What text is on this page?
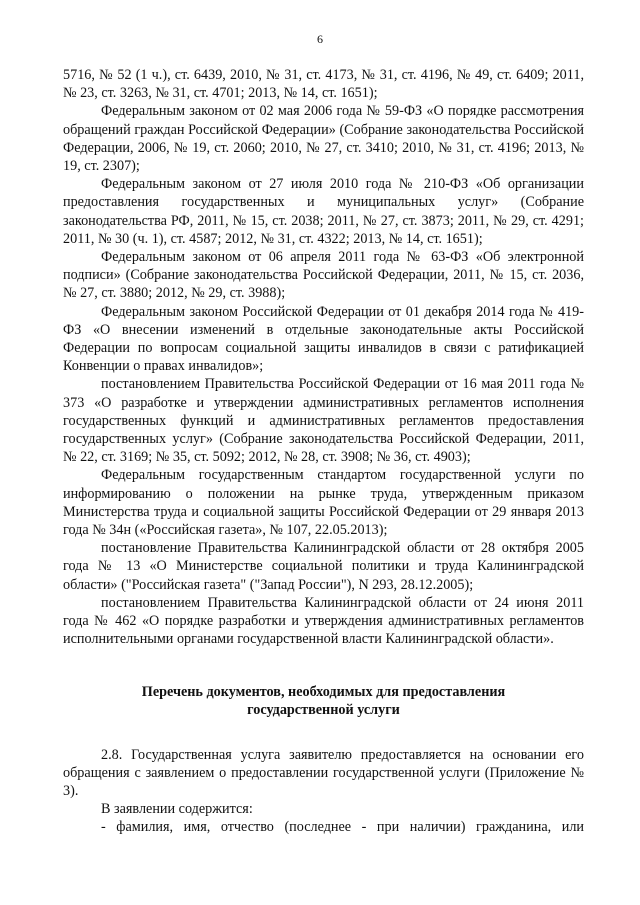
6

5716, № 52 (1 ч.), ст. 6439, 2010, № 31, ст. 4173, № 31, ст. 4196, № 49, ст. 6409; 2011, № 23, ст. 3263, № 31, ст. 4701; 2013, № 14, ст. 1651);

Федеральным законом от 02 мая 2006 года № 59-ФЗ «О порядке рассмотрения обращений граждан Российской Федерации» (Собрание законодательства Российской Федерации, 2006, № 19, ст. 2060; 2010, № 27, ст. 3410; 2010, № 31, ст. 4196; 2013, № 19, ст. 2307);

Федеральным законом от 27 июля 2010 года № 210-ФЗ «Об организации предоставления государственных и муниципальных услуг» (Собрание законодательства РФ, 2011, № 15, ст. 2038; 2011, № 27, ст. 3873; 2011, № 29, ст. 4291; 2011, № 30 (ч. 1), ст. 4587; 2012, № 31, ст. 4322; 2013, № 14, ст. 1651);

Федеральным законом от 06 апреля 2011 года № 63-ФЗ «Об электронной подписи» (Собрание законодательства Российской Федерации, 2011, № 15, ст. 2036, № 27, ст. 3880; 2012, № 29, ст. 3988);

Федеральным законом Российской Федерации от 01 декабря 2014 года № 419-ФЗ «О внесении изменений в отдельные законодательные акты Российской Федерации по вопросам социальной защиты инвалидов в связи с ратификацией Конвенции о правах инвалидов»;

постановлением Правительства Российской Федерации от 16 мая 2011 года № 373 «О разработке и утверждении административных регламентов исполнения государственных функций и административных регламентов предоставления государственных услуг» (Собрание законодательства Российской Федерации, 2011, № 22, ст. 3169; № 35, ст. 5092; 2012, № 28, ст. 3908; № 36, ст. 4903);

Федеральным государственным стандартом государственной услуги по информированию о положении на рынке труда, утвержденным приказом Министерства труда и социальной защиты Российской Федерации от 29 января 2013 года № 34н («Российская газета», № 107, 22.05.2013);

постановление Правительства Калининградской области от 28 октября 2005 года № 13 «О Министерстве социальной политики и труда Калининградской области» ("Российская газета" ("Запад России"), N 293, 28.12.2005);

постановлением Правительства Калининградской области от 24 июня 2011 года № 462 «О порядке разработки и утверждения административных регламентов исполнительными органами государственной власти Калининградской области».

Перечень документов, необходимых для предоставления
государственной услуги

2.8. Государственная услуга заявителю предоставляется на основании его обращения с заявлением о предоставлении государственной услуги (Приложение № 3).

В заявлении содержится:

- фамилия, имя, отчество (последнее - при наличии) гражданина, или
